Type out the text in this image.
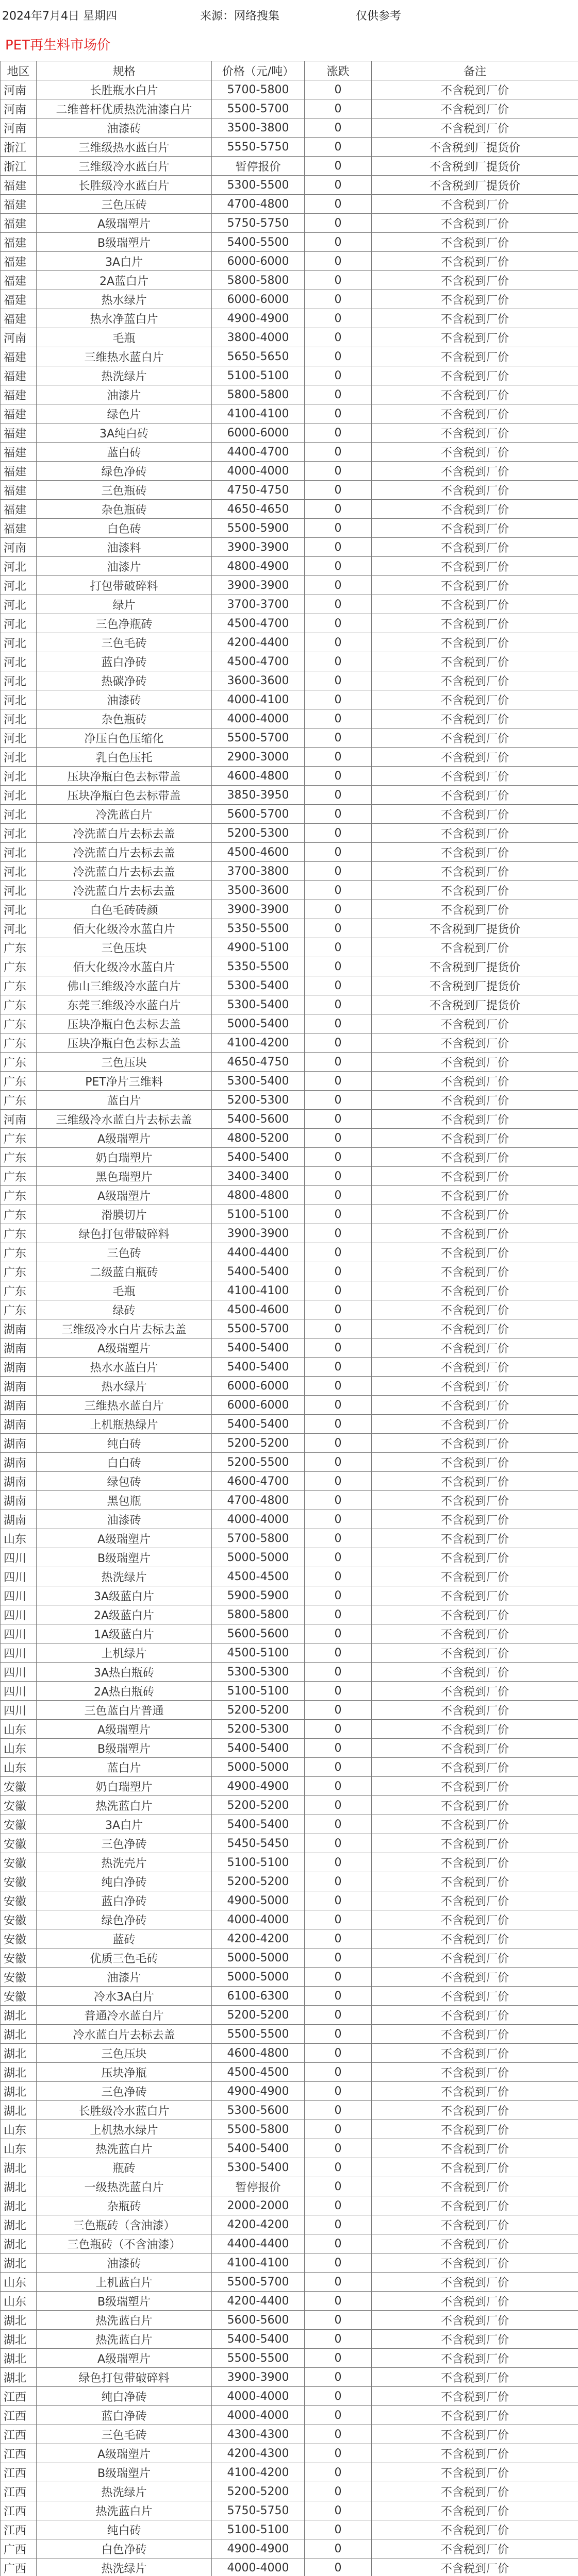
2024年7月4日 星期四	来源：网络搜集	仅供参考
PET再生料市场价
地区	规格	价格（元/吨）	涨跌	备注
河南	长胜瓶水白片	5700-5800	0	不含税到厂价
河南	二维普杆优质热洗油漆白片	5500-5700	0	不含税到厂价
河南	油漆砖	3500-3800	0	不含税到厂价
浙江	三维级热水蓝白片	5550-5750	0	不含税到厂提货价
浙江	三维级冷水蓝白片	暂停报价	0	不含税到厂提货价
福建	长胜级冷水蓝白片	5300-5500	0	不含税到厂提货价
福建	三色压砖	4700-4800	0	不含税到厂价
福建	A级瑞塑片	5750-5750	0	不含税到厂价
福建	B级瑞塑片	5400-5500	0	不含税到厂价
福建	3A白片	6000-6000	0	不含税到厂价
福建	2A蓝白片	5800-5800	0	不含税到厂价
福建	热水绿片	6000-6000	0	不含税到厂价
福建	热水净蓝白片	4900-4900	0	不含税到厂价
河南	毛瓶	3800-4000	0	不含税到厂价
福建	三维热水蓝白片	5650-5650	0	不含税到厂价
福建	热洗绿片	5100-5100	0	不含税到厂价
福建	油漆片	5800-5800	0	不含税到厂价
福建	绿色片	4100-4100	0	不含税到厂价
福建	3A纯白砖	6000-6000	0	不含税到厂价
福建	蓝白砖	4400-4700	0	不含税到厂价
福建	绿色净砖	4000-4000	0	不含税到厂价
福建	三色瓶砖	4750-4750	0	不含税到厂价
福建	杂色瓶砖	4650-4650	0	不含税到厂价
福建	白色砖	5500-5900	0	不含税到厂价
河南	油漆料	3900-3900	0	不含税到厂价
河北	油漆片	4800-4900	0	不含税到厂价
河北	打包带破碎料	3900-3900	0	不含税到厂价
河北	绿片	3700-3700	0	不含税到厂价
河北	三色净瓶砖	4500-4700	0	不含税到厂价
河北	三色毛砖	4200-4400	0	不含税到厂价
河北	蓝白净砖	4500-4700	0	不含税到厂价
河北	热碳净砖	3600-3600	0	不含税到厂价
河北	油漆砖	4000-4100	0	不含税到厂价
河北	杂色瓶砖	4000-4000	0	不含税到厂价
河北	净压白色压缩化	5500-5700	0	不含税到厂价
河北	乳白色压托	2900-3000	0	不含税到厂价
河北	压块净瓶白色去标带盖	4600-4800	0	不含税到厂价
河北	压块净瓶白色去标带盖	3850-3950	0	不含税到厂价
河北	冷洗蓝白片	5600-5700	0	不含税到厂价
河北	冷洗蓝白片去标去盖	5200-5300	0	不含税到厂价
河北	冷洗蓝白片去标去盖	4500-4600	0	不含税到厂价
河北	冷洗蓝白片去标去盖	3700-3800	0	不含税到厂价
河北	冷洗蓝白片去标去盖	3500-3600	0	不含税到厂价
河北	白色毛砖砖颜	3900-3900	0	不含税到厂价
河北	佰大化级冷水蓝白片	5350-5500	0	不含税到厂提货价
广东	三色压块	4900-5100	0	不含税到厂价
广东	佰大化级冷水蓝白片	5350-5500	0	不含税到厂提货价
广东	佛山三维级冷水蓝白片	5300-5400	0	不含税到厂提货价
广东	东莞三维级冷水蓝白片	5300-5400	0	不含税到厂提货价
广东	压块净瓶白色去标去盖	5000-5400	0	不含税到厂价
广东	压块净瓶白色去标去盖	4100-4200	0	不含税到厂价
广东	三色压块	4650-4750	0	不含税到厂价
广东	PET净片三维料	5300-5400	0	不含税到厂价
广东	蓝白片	5200-5300	0	不含税到厂价
河南	三维级冷水蓝白片去标去盖	5400-5600	0	不含税到厂价
广东	A级瑞塑片	4800-5200	0	不含税到厂价
广东	奶白瑞塑片	5400-5400	0	不含税到厂价
广东	黑色瑞塑片	3400-3400	0	不含税到厂价
广东	A级瑞塑片	4800-4800	0	不含税到厂价
广东	滑膜切片	5100-5100	0	不含税到厂价
广东	绿色打包带破碎料	3900-3900	0	不含税到厂价
广东	三色砖	4400-4400	0	不含税到厂价
广东	二级蓝白瓶砖	5400-5400	0	不含税到厂价
广东	毛瓶	4100-4100	0	不含税到厂价
广东	绿砖	4500-4600	0	不含税到厂价
湖南	三维级冷水白片去标去盖	5500-5700	0	不含税到厂价
湖南	A级瑞塑片	5400-5400	0	不含税到厂价
湖南	热水水蓝白片	5400-5400	0	不含税到厂价
湖南	热水绿片	6000-6000	0	不含税到厂价
湖南	三维热水蓝白片	6000-6000	0	不含税到厂价
湖南	上机瓶热绿片	5400-5400	0	不含税到厂价
湖南	纯白砖	5200-5200	0	不含税到厂价
湖南	白白砖	5200-5500	0	不含税到厂价
湖南	绿包砖	4600-4700	0	不含税到厂价
湖南	黑包瓶	4700-4800	0	不含税到厂价
湖南	油漆砖	4000-4000	0	不含税到厂价
山东	A级瑞塑片	5700-5800	0	不含税到厂价
四川	B级瑞塑片	5000-5000	0	不含税到厂价
四川	热洗绿片	4500-4500	0	不含税到厂价
四川	3A级蓝白片	5900-5900	0	不含税到厂价
四川	2A级蓝白片	5800-5800	0	不含税到厂价
四川	1A级蓝白片	5600-5600	0	不含税到厂价
四川	上机绿片	4500-5100	0	不含税到厂价
四川	3A热白瓶砖	5300-5300	0	不含税到厂价
四川	2A热白瓶砖	5100-5100	0	不含税到厂价
四川	三色蓝白片普通	5200-5200	0	不含税到厂价
山东	A级瑞塑片	5200-5300	0	不含税到厂价
山东	B级瑞塑片	5400-5400	0	不含税到厂价
山东	蓝白片	5000-5000	0	不含税到厂价
安徽	奶白瑞塑片	4900-4900	0	不含税到厂价
安徽	热洗蓝白片	5200-5200	0	不含税到厂价
安徽	3A白片	5400-5400	0	不含税到厂价
安徽	三色净砖	5450-5450	0	不含税到厂价
安徽	热洗壳片	5100-5100	0	不含税到厂价
安徽	纯白净砖	5200-5200	0	不含税到厂价
安徽	蓝白净砖	4900-5000	0	不含税到厂价
安徽	绿色净砖	4000-4000	0	不含税到厂价
安徽	蓝砖	4200-4200	0	不含税到厂价
安徽	优质三色毛砖	5000-5000	0	不含税到厂价
安徽	油漆片	5000-5000	0	不含税到厂价
安徽	冷水3A白片	6100-6300	0	不含税到厂价
湖北	普通冷水蓝白片	5200-5200	0	不含税到厂价
湖北	冷水蓝白片去标去盖	5500-5500	0	不含税到厂价
湖北	三色压块	4600-4800	0	不含税到厂价
湖北	压块净瓶	4500-4500	0	不含税到厂价
湖北	三色净砖	4900-4900	0	不含税到厂价
湖北	长胜级冷水蓝白片	5300-5600	0	不含税到厂价
山东	上机热水绿片	5500-5800	0	不含税到厂价
山东	热洗蓝白片	5400-5400	0	不含税到厂价
湖北	瓶砖	5300-5400	0	不含税到厂价
湖北	一级热洗蓝白片	暂停报价	0	不含税到厂价
湖北	杂瓶砖	2000-2000	0	不含税到厂价
湖北	三色瓶砖（含油漆）	4200-4200	0	不含税到厂价
湖北	三色瓶砖（不含油漆）	4400-4400	0	不含税到厂价
湖北	油漆砖	4100-4100	0	不含税到厂价
山东	上机蓝白片	5500-5700	0	不含税到厂价
山东	B级瑞塑片	4200-4400	0	不含税到厂价
湖北	热洗蓝白片	5600-5600	0	不含税到厂价
湖北	热洗蓝白片	5400-5400	0	不含税到厂价
湖北	A级瑞塑片	5500-5500	0	不含税到厂价
湖北	绿色打包带破碎料	3900-3900	0	不含税到厂价
江西	纯白净砖	4000-4000	0	不含税到厂价
江西	蓝白净砖	4000-4000	0	不含税到厂价
江西	三色毛砖	4300-4300	0	不含税到厂价
江西	A级瑞塑片	4200-4300	0	不含税到厂价
江西	B级瑞塑片	4100-4200	0	不含税到厂价
江西	热洗绿片	5200-5200	0	不含税到厂价
江西	热洗蓝白片	5750-5750	0	不含税到厂价
江西	纯白砖	5100-5100	0	不含税到厂价
广西	白色净砖	4900-4900	0	不含税到厂价
广西	热洗绿片	4000-4000	0	不含税到厂价
